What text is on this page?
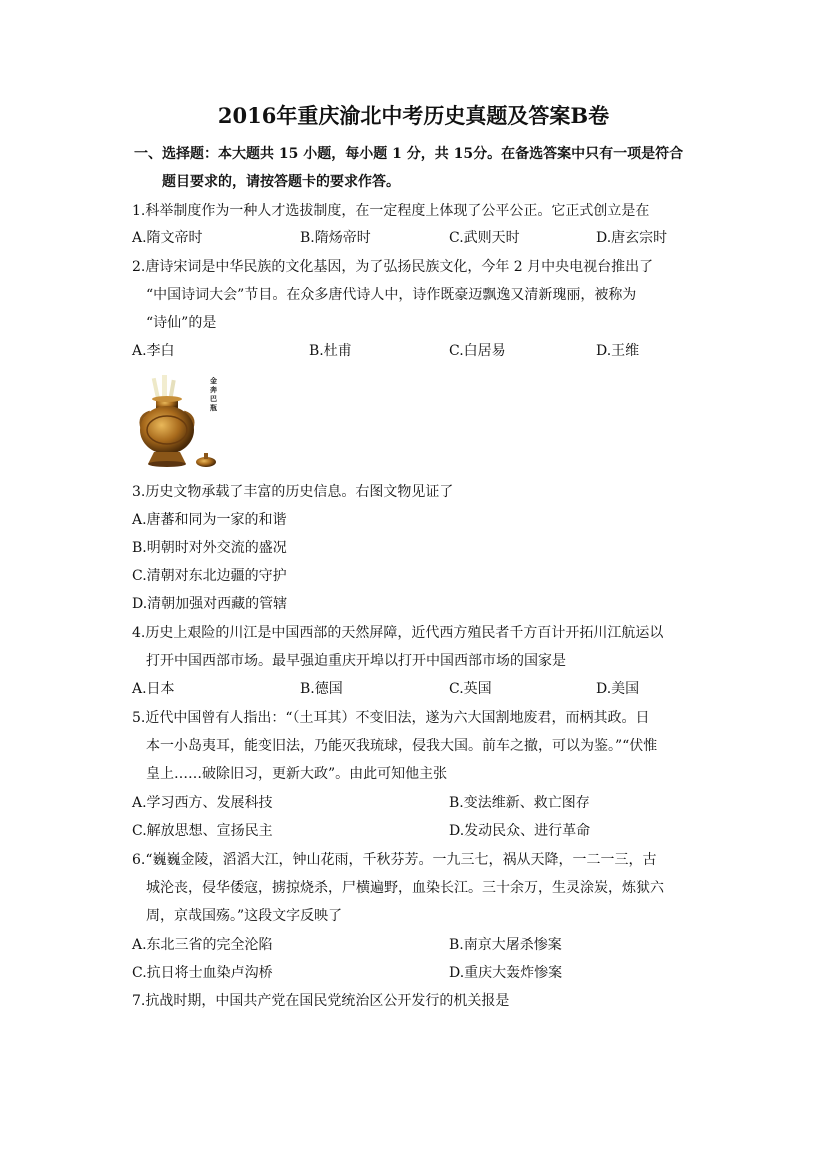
2016年重庆渝北中考历史真题及答案B卷
一、选择题：本大题共 15 小题，每小题 1 分，共 15分。在备选答案中只有一项是符合
题目要求的，请按答题卡的要求作答。
1.科举制度作为一种人才选拔制度，在一定程度上体现了公平公正。它正式创立是在
A.隋文帝时	B.隋炀帝时	C.武则天时	D.唐玄宗时
2.唐诗宋词是中华民族的文化基因，为了弘扬民族文化，今年 2 月中央电视台推出了
“中国诗词大会”节目。在众多唐代诗人中，诗作既豪迈飘逸又清新瑰丽，被称为
“诗仙”的是
A.李白	B.杜甫	C.白居易	D.王维
金奔巴瓶
3.历史文物承载了丰富的历史信息。右图文物见证了
A.唐蕃和同为一家的和谐
B.明朝时对外交流的盛况
C.清朝对东北边疆的守护
D.清朝加强对西藏的管辖
4.历史上艰险的川江是中国西部的天然屏障，近代西方殖民者千方百计开拓川江航运以
打开中国西部市场。最早强迫重庆开埠以打开中国西部市场的国家是
A.日本	B.德国	C.英国	D.美国
5.近代中国曾有人指出：“（土耳其）不变旧法，遂为六大国割地废君，而柄其政。日
本一小岛夷耳，能变旧法，乃能灭我琉球，侵我大国。前车之撤，可以为鉴。”“伏惟
皇上……破除旧习，更新大政”。由此可知他主张
A.学习西方、发展科技	B.变法维新、救亡图存
C.解放思想、宣扬民主	D.发动民众、进行革命
6.“巍巍金陵，滔滔大江，钟山花雨，千秋芬芳。一九三七，祸从天降，一二一三，古
城沦丧，侵华倭寇，掳掠烧杀，尸横遍野，血染长江。三十余万，生灵涂炭，炼狱六
周，京哉国殇。”这段文字反映了
A.东北三省的完全沦陷	B.南京大屠杀惨案
C.抗日将士血染卢沟桥	D.重庆大轰炸惨案
7.抗战时期，中国共产党在国民党统治区公开发行的机关报是
